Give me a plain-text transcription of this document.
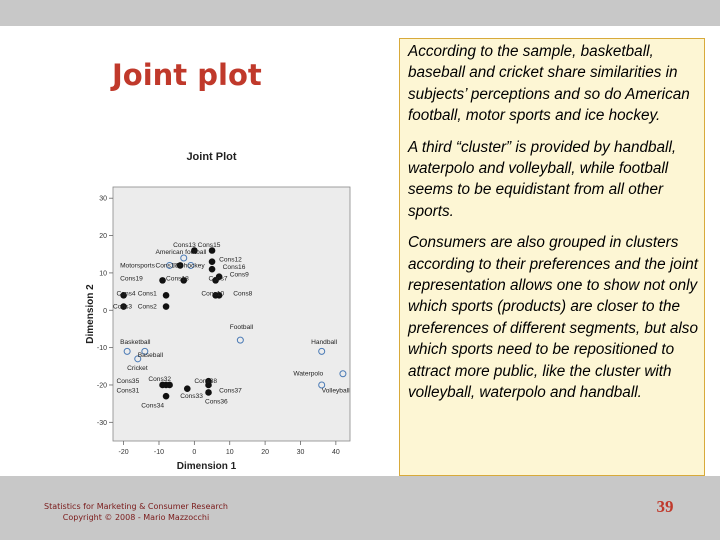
Joint plot
Joint Plot
-20	-10	0	10	20	30	40
-30
-20
-10
0
10
20
30
Dimension 1
Dimension 2
Cons13 Cons15
American football
Cons12
Motorsports Cons17
Ice hockey	Cons16
Cons19	Cons18	Cons7
Cons9
Cons4 Cons1	Cons10 Cons8
Cons3 Cons2
Football
Basketball	Handball
Baseball
Cricket
Waterpolo
Cons35 Cons32	Cons38
Volleyball
Cons31	Cons37
Cons33
Cons36
Cons34

According to the sample, basketball, baseball and cricket share similarities in subjects’ perceptions and so do American football, motor sports and ice hockey.

A third “cluster” is provided by handball, waterpolo and volleyball, while football seems to be equidistant from all other sports.

Consumers are also grouped in clusters according to their preferences and the joint representation allows one to show not only which sports (products) are closer to the preferences of different segments, but also which sports need to be repositioned to attract more public, like the cluster with volleyball, waterpolo and handball.

Statistics for Marketing & Consumer Research
Copyright © 2008 - Mario Mazzocchi
39
